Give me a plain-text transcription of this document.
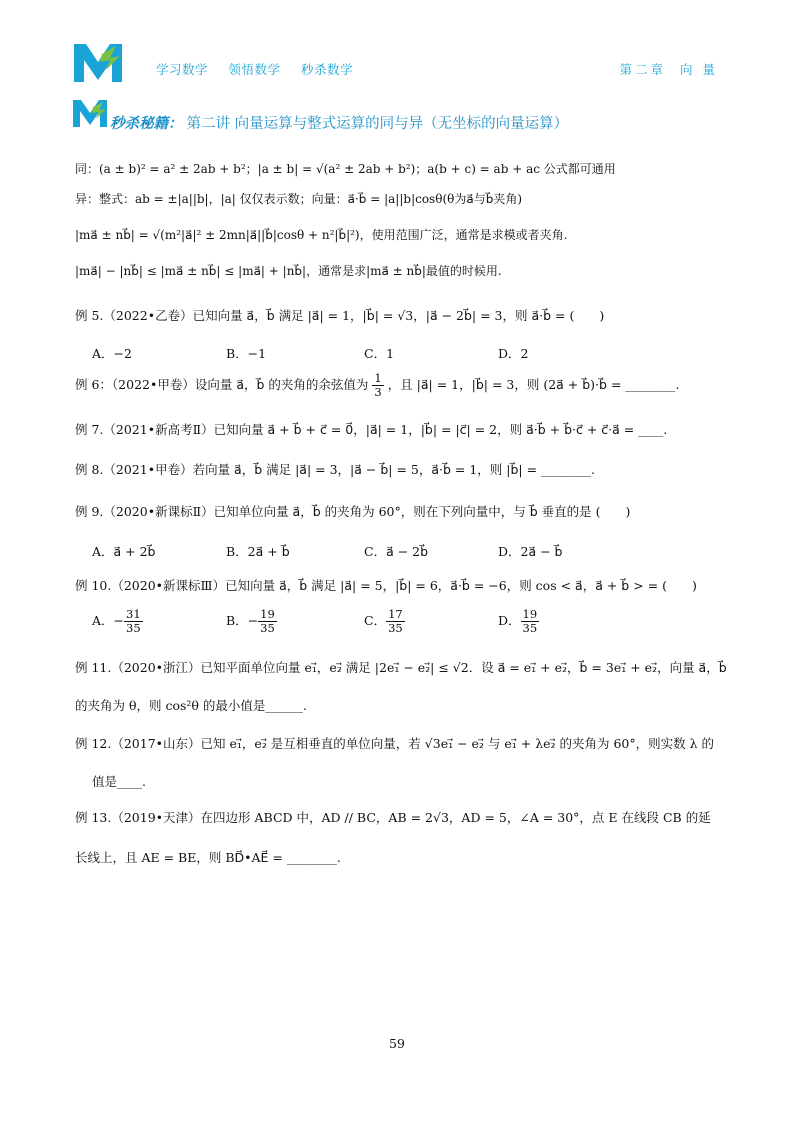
学习数学 领悟数学 秒杀数学	第二章 向 量
秒杀秘籍： 第二讲 向量运算与整式运算的同与异（无坐标的向量运算）
同：(a ± b)² = a² ± 2ab + b²；|a ± b| = √(a² ± 2ab + b²)；a(b + c) = ab + ac 公式都可通用
异：整式：ab = ±|a||b|，|a| 仅仅表示数；向量：a⃗·b⃗ = |a||b|cosθ(θ为a⃗与b⃗夹角)
|ma⃗ ± nb⃗| = √(m²|a⃗|² ± 2mn|a⃗||b⃗|cosθ + n²|b⃗|²)，使用范围广泛，通常是求模或者夹角.
|ma⃗| − |nb⃗| ≤ |ma⃗ ± nb⃗| ≤ |ma⃗| + |nb⃗|，通常是求|ma⃗ ± nb⃗|最值的时候用.
例 5.（2022•乙卷）已知向量 a⃗，b⃗ 满足 |a⃗| = 1，|b⃗| = √3，|a⃗ − 2b⃗| = 3，则 a⃗·b⃗ = (　　)
A．−2	B．−1	C．1	D．2
例 6：（2022•甲卷）设向量 a⃗，b⃗ 的夹角的余弦值为 $\frac{1}{3}$ ，且 |a⃗| = 1，|b⃗| = 3，则 (2a⃗ + b⃗)·b⃗ = ________.
例 7.（2021•新高考Ⅱ）已知向量 a⃗ + b⃗ + c⃗ = 0⃗，|a⃗| = 1，|b⃗| = |c⃗| = 2，则 a⃗·b⃗ + b⃗·c⃗ + c⃗·a⃗ = ____.
例 8.（2021•甲卷）若向量 a⃗，b⃗ 满足 |a⃗| = 3，|a⃗ − b⃗| = 5，a⃗·b⃗ = 1，则 |b⃗| = ________.
例 9.（2020•新课标Ⅱ）已知单位向量 a⃗，b⃗ 的夹角为 60°，则在下列向量中，与 b⃗ 垂直的是 (　　)
A．a⃗ + 2b⃗	B．2a⃗ + b⃗	C．a⃗ − 2b⃗	D．2a⃗ − b⃗
例 10.（2020•新课标Ⅲ）已知向量 a⃗，b⃗ 满足 |a⃗| = 5，|b⃗| = 6，a⃗·b⃗ = −6，则 cos < a⃗，a⃗ + b⃗ > = (　　)
A．− $\frac{31}{35}$	B．− $\frac{19}{35}$	C． $\frac{17}{35}$	D． $\frac{19}{35}$
例 11.（2020•浙江）已知平面单位向量 e₁⃗，e₂⃗ 满足 |2e₁⃗ − e₂⃗| ≤ √2．设 a⃗ = e₁⃗ + e₂⃗，b⃗ = 3e₁⃗ + e₂⃗，向量 a⃗，b⃗
的夹角为 θ，则 cos²θ 的最小值是______.
例 12.（2017•山东）已知 e₁⃗，e₂⃗ 是互相垂直的单位向量，若 √3e₁⃗ − e₂⃗ 与 e₁⃗ + λe₂⃗ 的夹角为 60°，则实数 λ 的
值是____.
例 13.（2019•天津）在四边形 ABCD 中，AD // BC，AB = 2√3，AD = 5，∠A = 30°，点 E 在线段 CB 的延
长线上，且 AE = BE，则 BD⃗•AE⃗ = ________.
59
